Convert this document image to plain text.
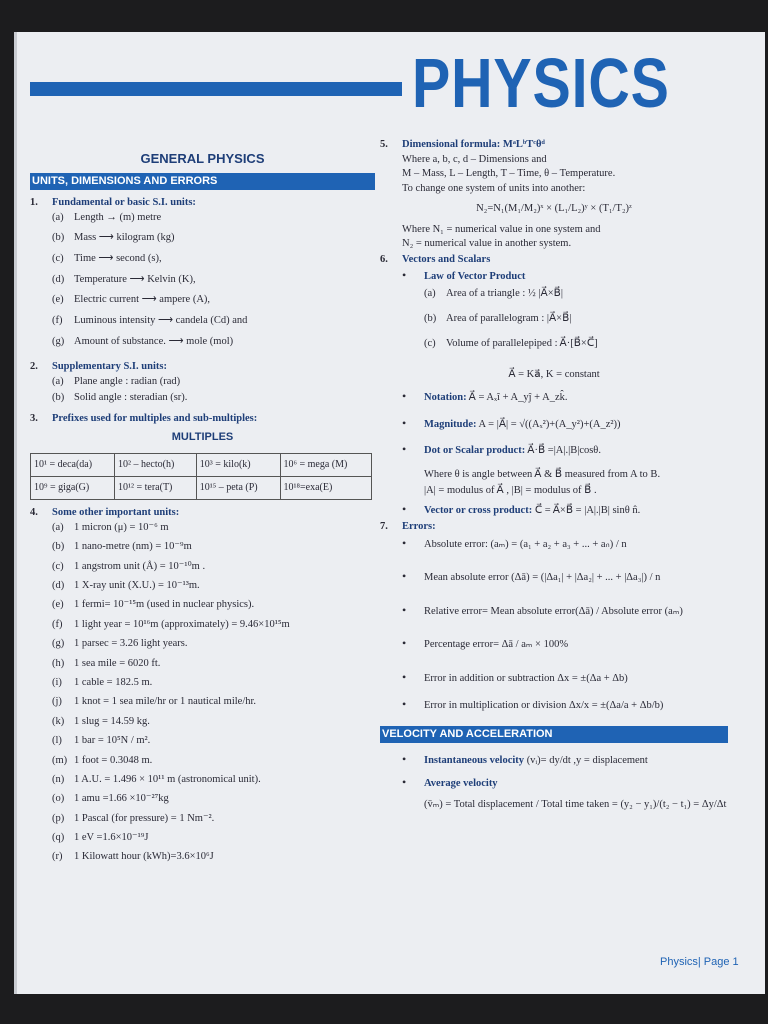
PHYSICS
GENERAL PHYSICS
UNITS, DIMENSIONS AND ERRORS
1. Fundamental or basic S.I. units:
(a) Length → (m) metre
(b) Mass ⟶ kilogram (kg)
(c) Time ⟶ second (s),
(d) Temperature ⟶ Kelvin (K),
(e) Electric current ⟶ ampere (A),
(f) Luminous intensity ⟶ candela (Cd) and
(g) Amount of substance. ⟶ mole (mol)
2. Supplementary S.I. units:
(a) Plane angle : radian (rad)
(b) Solid angle : steradian (sr).
3. Prefixes used for multiples and sub-multiples:
MULTIPLES
10¹ = deca(da)	10² – hecto(h)	10³ = kilo(k)	10⁶ = mega (M)
10⁹ = giga(G)	10¹² = tera(T)	10¹⁵ – peta (P)	10¹⁸=exa(E)
4. Some other important units:
(a) 1 micron (μ) = 10⁻⁶ m
(b) 1 nano-metre (nm) = 10⁻⁹m
(c) 1 angstrom unit (Å) = 10⁻¹⁰m .
(d) 1 X-ray unit (X.U.) = 10⁻¹³m.
(e) 1 fermi= 10⁻¹⁵m (used in nuclear physics).
(f) 1 light year = 10¹⁶m (approximately) = 9.46×10¹⁵m
(g) 1 parsec = 3.26 light years.
(h) 1 sea mile = 6020 ft.
(i) 1 cable = 182.5 m.
(j) 1 knot = 1 sea mile/hr or 1 nautical mile/hr.
(k) 1 slug = 14.59 kg.
(l) 1 bar = 10⁵N / m².
(m) 1 foot = 0.3048 m.
(n) 1 A.U. = 1.496 × 10¹¹ m (astronomical unit).
(o) 1 amu =1.66 ×10⁻²⁷kg
(p) 1 Pascal (for pressure) = 1 Nm⁻².
(q) 1 eV =1.6×10⁻¹⁹J
(r) 1 Kilowatt hour (kWh)=3.6×10⁶J
5. Dimensional formula: MᵃLᵇTᶜθᵈ
Where a, b, c, d – Dimensions and
M – Mass, L – Length, T – Time, θ – Temperature.
To change one system of units into another:
N₂=N₁(M₁/M₂)ˣ × (L₁/L₂)ʸ × (T₁/T₂)ᶻ
Where N₁ = numerical value in one system and
N₂ = numerical value in another system.
6. Vectors and Scalars
• Law of Vector Product
(a) Area of a triangle : ½ |A⃗×B⃗|
(b) Area of parallelogram : |A⃗×B⃗|
(c) Volume of parallelepiped : A⃗·[B⃗×C⃗]
A⃗ = Ka⃗, K = constant
• Notation: A⃗ = Aₓî + A_yĵ + A_zk̂.
• Magnitude: A = |A⃗| = √((Aₓ²)+(A_y²)+(A_z²))
• Dot or Scalar product: A⃗·B⃗ =|A|.|B|cosθ.
Where θ is angle between A⃗ & B⃗ measured from A to B.
|A| = modulus of A⃗ , |B| = modulus of B⃗ .
• Vector or cross product: C⃗ = A⃗×B⃗ = |A|.|B| sinθ n̂.
7. Errors:
• Absolute error: (aₘ) = (a₁ + a₂ + a₃ + ... + aₙ) / n
• Mean absolute error (Δā) = (|Δa₁| + |Δa₂| + ... + |Δa₃|) / n
• Relative error= Mean absolute error(Δā) / Absolute error (aₘ)
• Percentage error= Δā / aₘ × 100%
• Error in addition or subtraction Δx = ±(Δa + Δb)
• Error in multiplication or division Δx/x = ±(Δa/a + Δb/b)
VELOCITY AND ACCELERATION
• Instantaneous velocity (vᵢ)= dy/dt ,y = displacement
• Average velocity
(v̄ₘ) = Total displacement / Total time taken = (y₂ − y₁)/(t₂ − t₁) = Δy/Δt
Physics| Page 1
